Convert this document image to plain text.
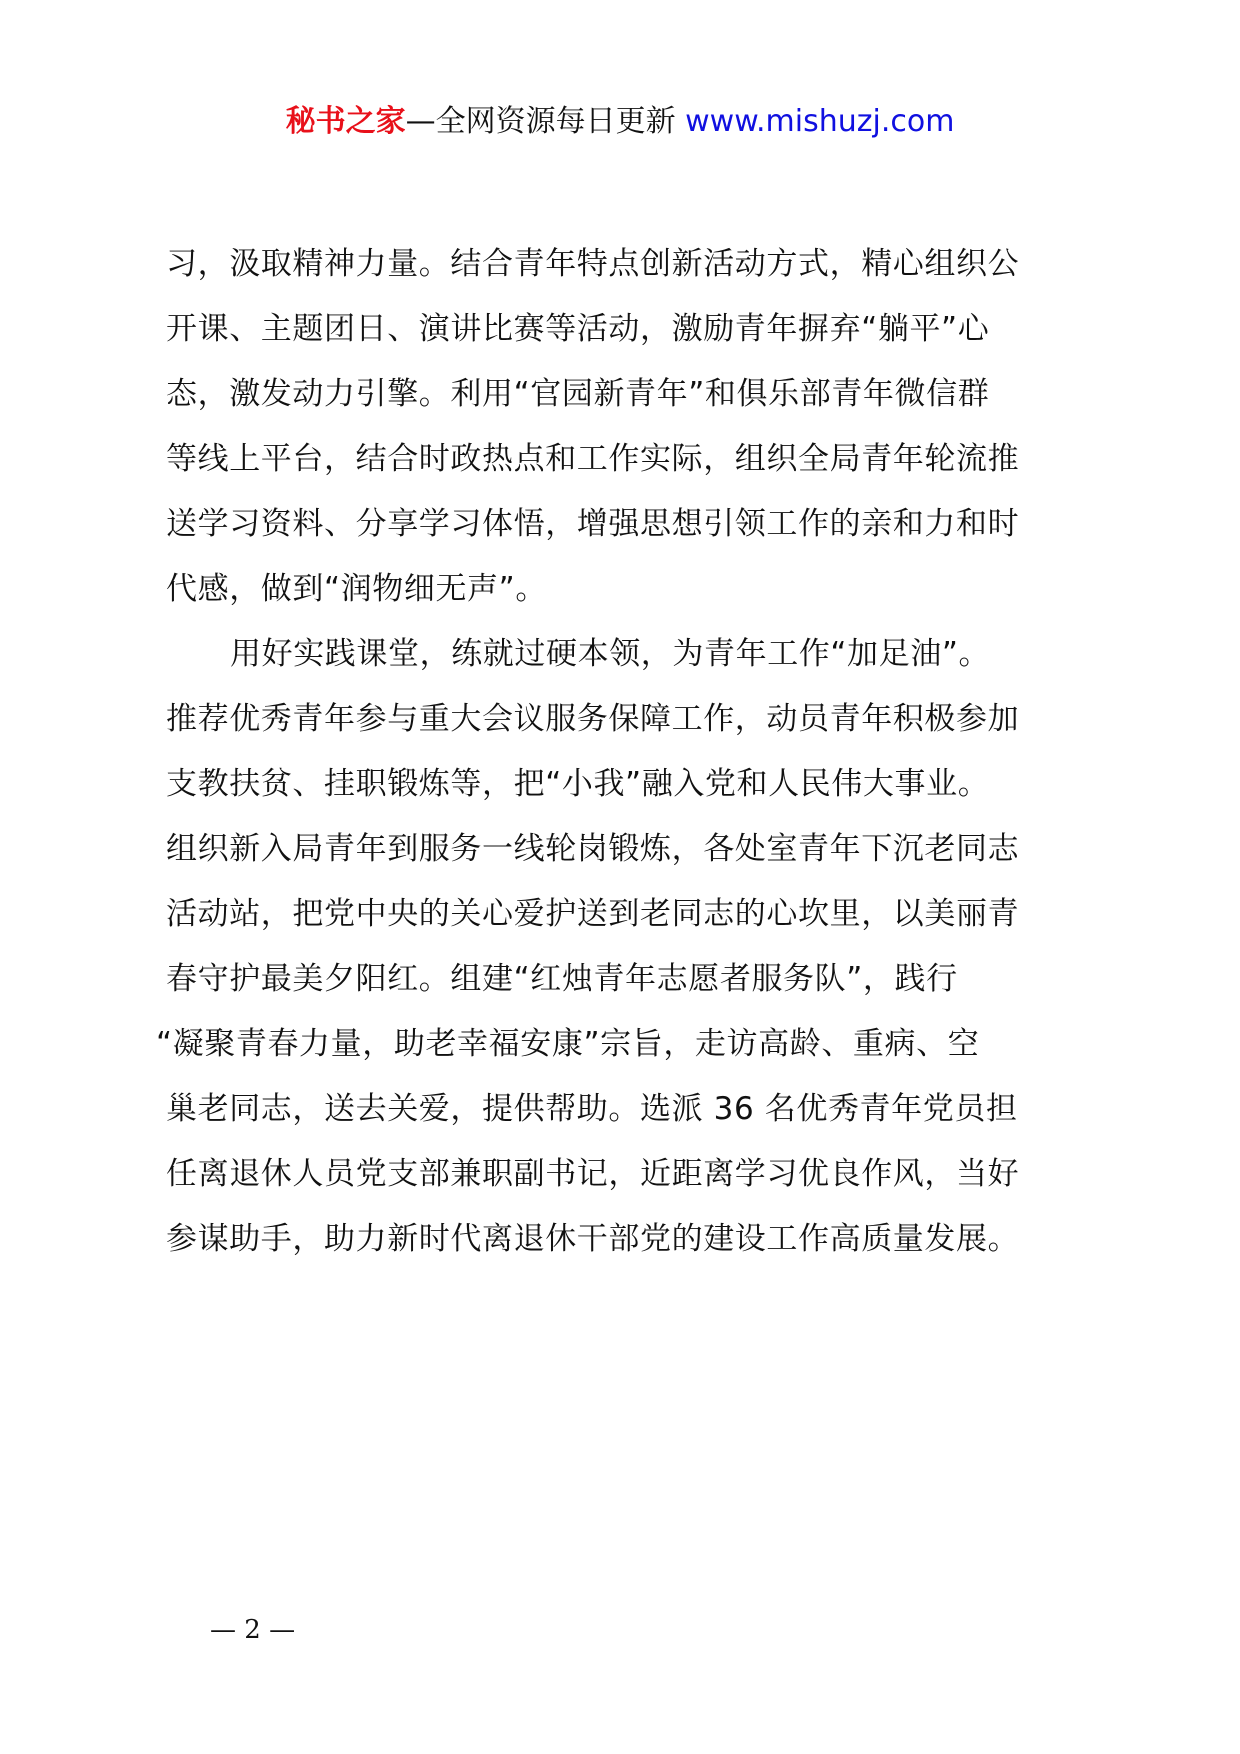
秘书之家—全网资源每日更新 www.mishuzj.com
习，汲取精神力量。结合青年特点创新活动方式，精心组织公
开课、主题团日、演讲比赛等活动，激励青年摒弃“躺平”心
态，激发动力引擎。利用“官园新青年”和俱乐部青年微信群
等线上平台，结合时政热点和工作实际，组织全局青年轮流推
送学习资料、分享学习体悟，增强思想引领工作的亲和力和时
代感，做到“润物细无声”。
用好实践课堂，练就过硬本领，为青年工作“加足油”。
推荐优秀青年参与重大会议服务保障工作，动员青年积极参加
支教扶贫、挂职锻炼等，把“小我”融入党和人民伟大事业。
组织新入局青年到服务一线轮岗锻炼，各处室青年下沉老同志
活动站，把党中央的关心爱护送到老同志的心坎里，以美丽青
春守护最美夕阳红。组建“红烛青年志愿者服务队”，践行
“凝聚青春力量，助老幸福安康”宗旨，走访高龄、重病、空
巢老同志，送去关爱，提供帮助。选派 36 名优秀青年党员担
任离退休人员党支部兼职副书记，近距离学习优良作风，当好
参谋助手，助力新时代离退休干部党的建设工作高质量发展。
— 2 —
